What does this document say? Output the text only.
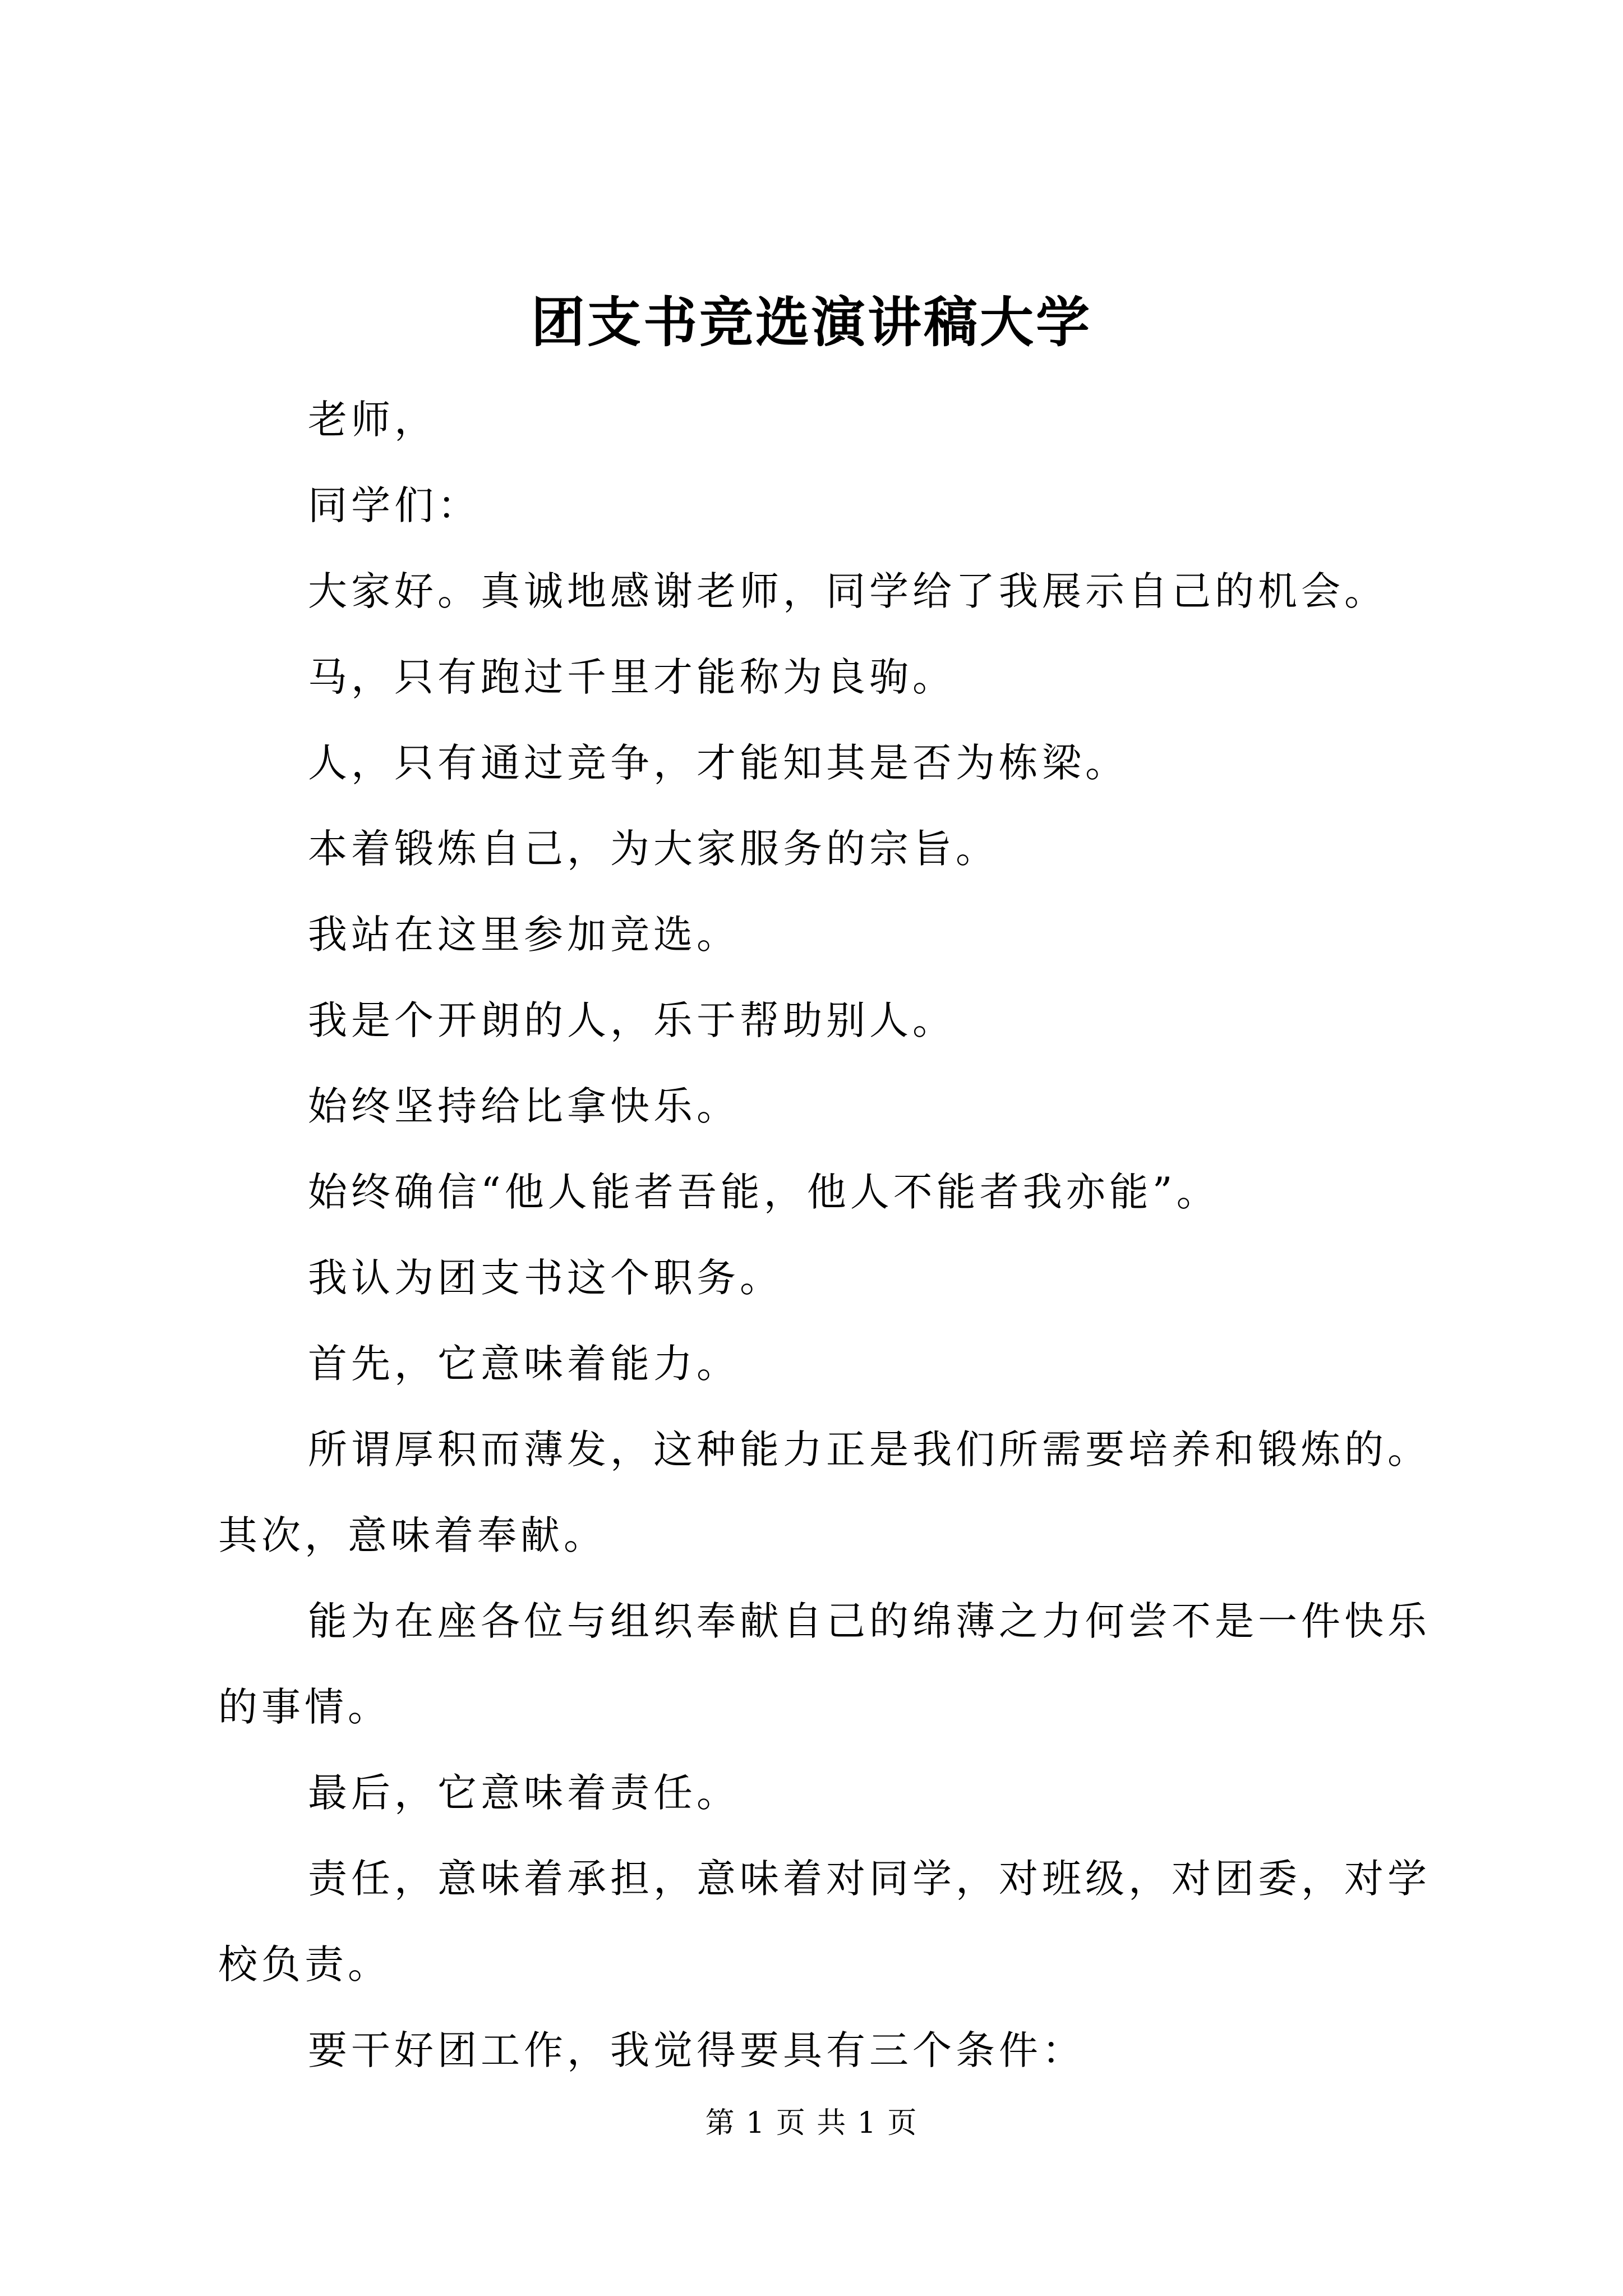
团支书竞选演讲稿大学

老师，

同学们：

大家好。真诚地感谢老师，同学给了我展示自己的机会。

马，只有跑过千里才能称为良驹。

人，只有通过竞争，才能知其是否为栋梁。

本着锻炼自己，为大家服务的宗旨。

我站在这里参加竞选。

我是个开朗的人，乐于帮助别人。

始终坚持给比拿快乐。

始终确信“他人能者吾能，他人不能者我亦能”。

我认为团支书这个职务。

首先，它意味着能力。

所谓厚积而薄发，这种能力正是我们所需要培养和锻炼的。其次，意味着奉献。

能为在座各位与组织奉献自己的绵薄之力何尝不是一件快乐的事情。

最后，它意味着责任。

责任，意味着承担，意味着对同学，对班级，对团委，对学校负责。

要干好团工作，我觉得要具有三个条件：

第 1 页 共 1 页
